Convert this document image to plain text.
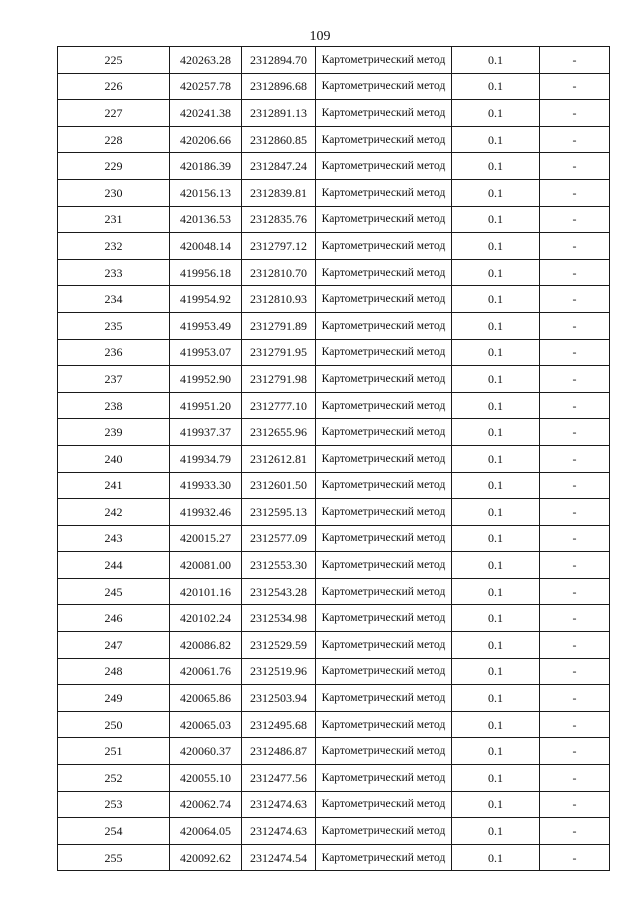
109
225	420263.28	2312894.70	Картометрический метод	0.1	-
226	420257.78	2312896.68	Картометрический метод	0.1	-
227	420241.38	2312891.13	Картометрический метод	0.1	-
228	420206.66	2312860.85	Картометрический метод	0.1	-
229	420186.39	2312847.24	Картометрический метод	0.1	-
230	420156.13	2312839.81	Картометрический метод	0.1	-
231	420136.53	2312835.76	Картометрический метод	0.1	-
232	420048.14	2312797.12	Картометрический метод	0.1	-
233	419956.18	2312810.70	Картометрический метод	0.1	-
234	419954.92	2312810.93	Картометрический метод	0.1	-
235	419953.49	2312791.89	Картометрический метод	0.1	-
236	419953.07	2312791.95	Картометрический метод	0.1	-
237	419952.90	2312791.98	Картометрический метод	0.1	-
238	419951.20	2312777.10	Картометрический метод	0.1	-
239	419937.37	2312655.96	Картометрический метод	0.1	-
240	419934.79	2312612.81	Картометрический метод	0.1	-
241	419933.30	2312601.50	Картометрический метод	0.1	-
242	419932.46	2312595.13	Картометрический метод	0.1	-
243	420015.27	2312577.09	Картометрический метод	0.1	-
244	420081.00	2312553.30	Картометрический метод	0.1	-
245	420101.16	2312543.28	Картометрический метод	0.1	-
246	420102.24	2312534.98	Картометрический метод	0.1	-
247	420086.82	2312529.59	Картометрический метод	0.1	-
248	420061.76	2312519.96	Картометрический метод	0.1	-
249	420065.86	2312503.94	Картометрический метод	0.1	-
250	420065.03	2312495.68	Картометрический метод	0.1	-
251	420060.37	2312486.87	Картометрический метод	0.1	-
252	420055.10	2312477.56	Картометрический метод	0.1	-
253	420062.74	2312474.63	Картометрический метод	0.1	-
254	420064.05	2312474.63	Картометрический метод	0.1	-
255	420092.62	2312474.54	Картометрический метод	0.1	-
